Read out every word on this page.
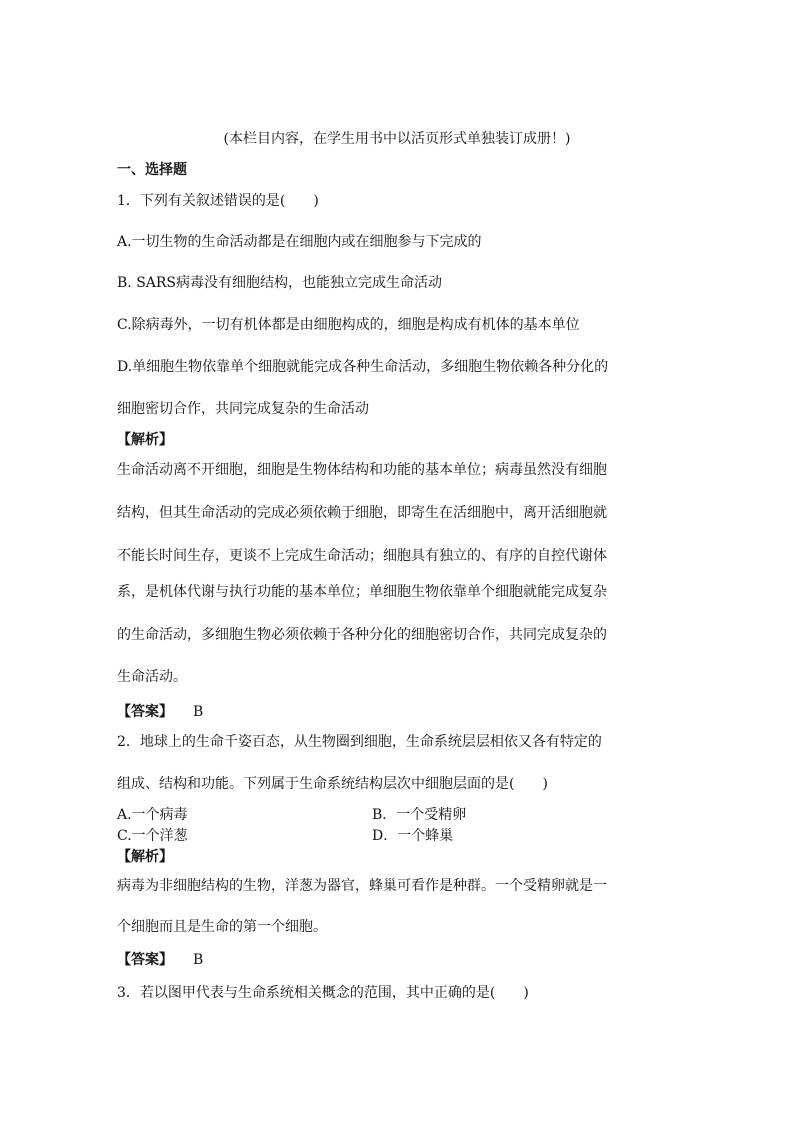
(本栏目内容，在学生用书中以活页形式单独装订成册！)
一、选择题
1．下列有关叙述错误的是(　　)
A.一切生物的生命活动都是在细胞内或在细胞参与下完成的
B. SARS病毒没有细胞结构，也能独立完成生命活动
C.除病毒外，一切有机体都是由细胞构成的，细胞是构成有机体的基本单位
D.单细胞生物依靠单个细胞就能完成各种生命活动，多细胞生物依赖各种分化的
细胞密切合作，共同完成复杂的生命活动
【解析】
生命活动离不开细胞，细胞是生物体结构和功能的基本单位；病毒虽然没有细胞
结构，但其生命活动的完成必须依赖于细胞，即寄生在活细胞中，离开活细胞就
不能长时间生存，更谈不上完成生命活动；细胞具有独立的、有序的自控代谢体
系，是机体代谢与执行功能的基本单位；单细胞生物依靠单个细胞就能完成复杂
的生命活动，多细胞生物必须依赖于各种分化的细胞密切合作，共同完成复杂的
生命活动。
【答案】 B
2．地球上的生命千姿百态，从生物圈到细胞，生命系统层层相依又各有特定的
组成、结构和功能。下列属于生命系统结构层次中细胞层面的是(　　)
A.一个病毒	B．一个受精卵
C.一个洋葱	D．一个蜂巢
【解析】
病毒为非细胞结构的生物，洋葱为器官，蜂巢可看作是种群。一个受精卵就是一
个细胞而且是生命的第一个细胞。
【答案】 B
3．若以图甲代表与生命系统相关概念的范围，其中正确的是(　　)
